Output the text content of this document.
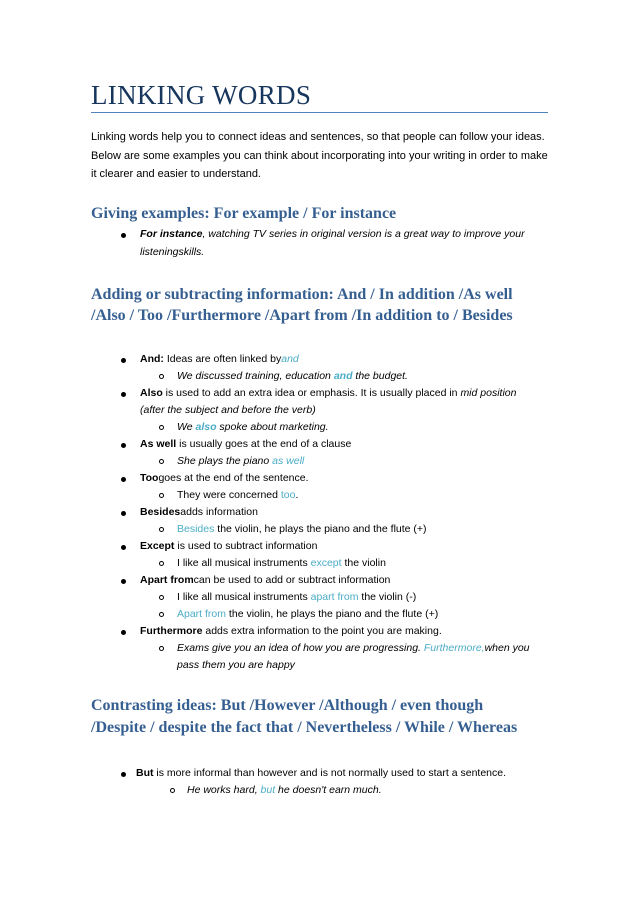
LINKING WORDS
Linking words help you to connect ideas and sentences, so that people can follow your ideas.
Below are some examples you can think about incorporating into your writing in order to make
it clearer and easier to understand.
Giving examples: For example / For instance
For instance, watching TV series in original version is a great way to improve your
listeningskills.
Adding or subtracting information: And / In addition /As well
/Also / Too /Furthermore /Apart from /In addition to / Besides
And: Ideas are often linked byand
We discussed training, education and the budget.
Also is used to add an extra idea or emphasis. It is usually placed in mid position
(after the subject and before the verb)
We also spoke about marketing.
As well is usually goes at the end of a clause
She plays the piano as well
Toogoes at the end of the sentence.
They were concerned too.
Besidesadds information
Besides the violin, he plays the piano and the flute (+)
Except is used to subtract information
I like all musical instruments except the violin
Apart fromcan be used to add or subtract information
I like all musical instruments apart from the violin (-)
Apart from the violin, he plays the piano and the flute (+)
Furthermore adds extra information to the point you are making.
Exams give you an idea of how you are progressing. Furthermore,when you
pass them you are happy
Contrasting ideas: But /However /Although / even though
/Despite / despite the fact that / Nevertheless / While / Whereas
But is more informal than however and is not normally used to start a sentence.
He works hard, but he doesn't earn much.
